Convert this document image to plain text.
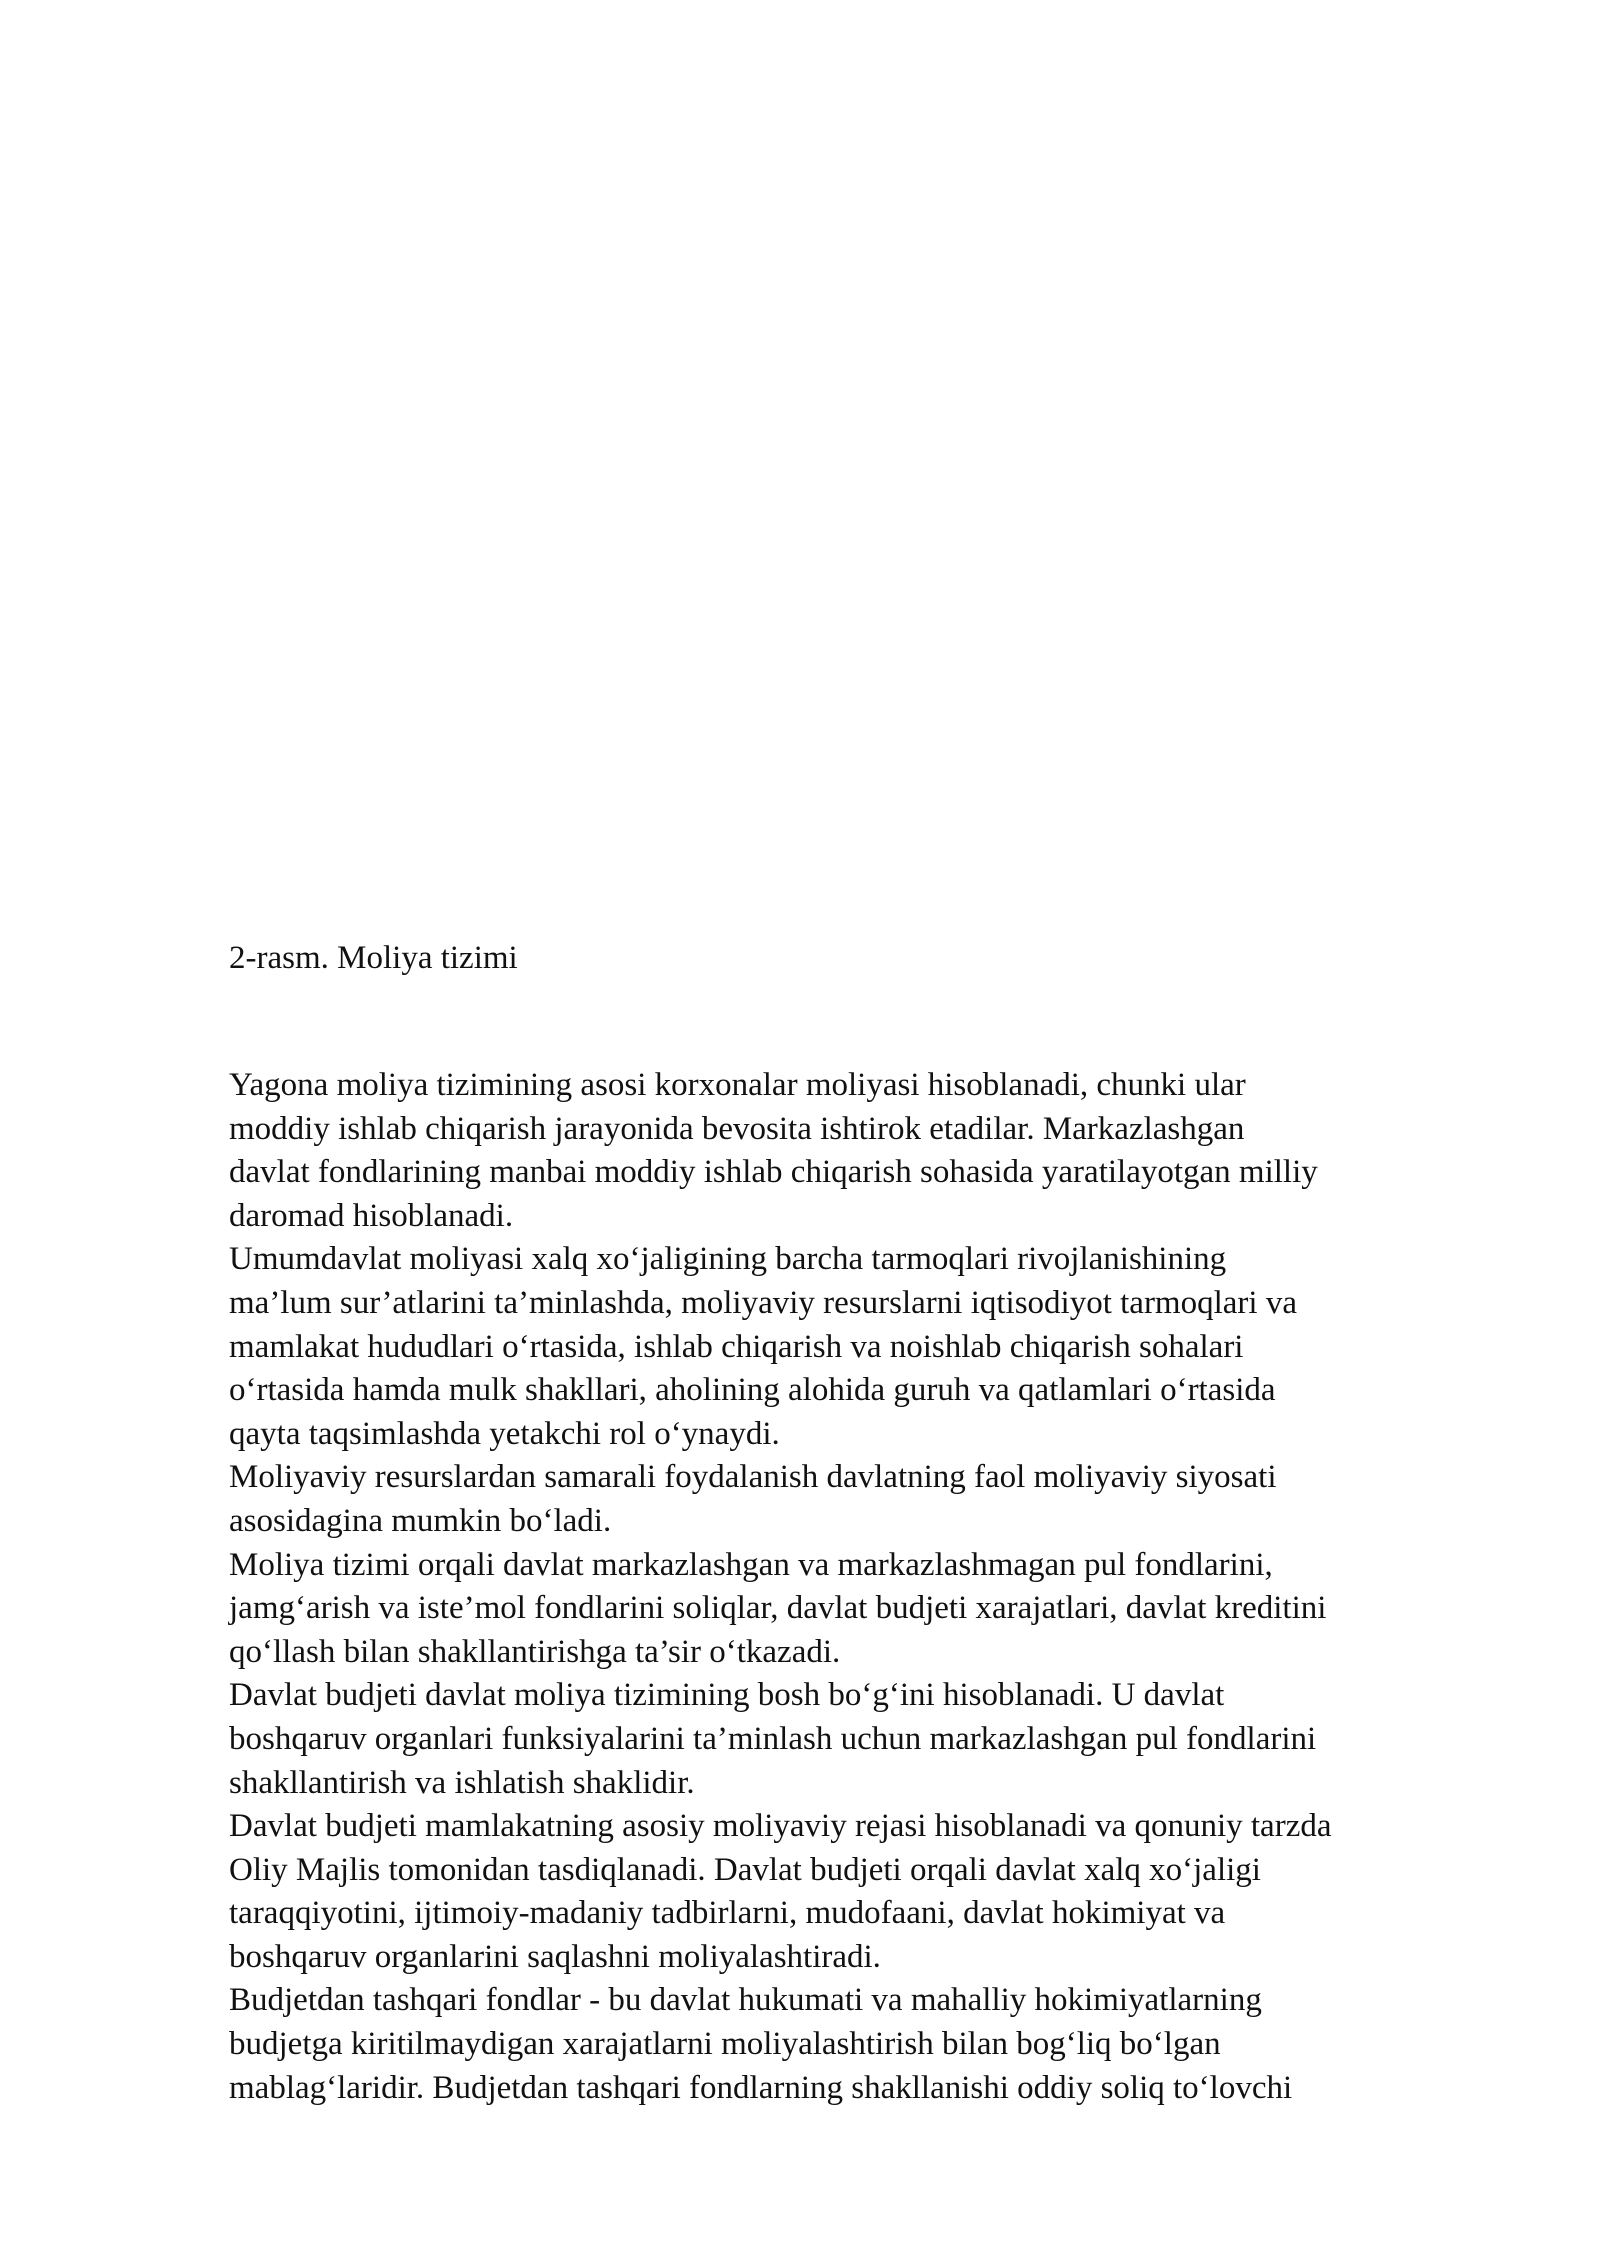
2-rasm. Moliya tizimi

Yagona moliya tizimining asosi korxonalar moliyasi hisoblanadi, chunki ular
moddiy ishlab chiqarish jarayonida bevosita ishtirok etadilar. Markazlashgan
davlat fondlarining manbai moddiy ishlab chiqarish sohasida yaratilayotgan milliy
daromad hisoblanadi.
Umumdavlat moliyasi xalq xo‘jaligining barcha tarmoqlari rivojlanishining
ma’lum sur’atlarini ta’minlashda, moliyaviy resurslarni iqtisodiyot tarmoqlari va
mamlakat hududlari o‘rtasida, ishlab chiqarish va noishlab chiqarish sohalari
o‘rtasida hamda mulk shakllari, aholining alohida guruh va qatlamlari o‘rtasida
qayta taqsimlashda yetakchi rol o‘ynaydi.
Moliyaviy resurslardan samarali foydalanish davlatning faol moliyaviy siyosati
asosidagina mumkin bo‘ladi.
Moliya tizimi orqali davlat markazlashgan va markazlashmagan pul fondlarini,
jamg‘arish va iste’mol fondlarini soliqlar, davlat budjeti xarajatlari, davlat kreditini
qo‘llash bilan shakllantirishga ta’sir o‘tkazadi.
Davlat budjeti davlat moliya tizimining bosh bo‘g‘ini hisoblanadi. U davlat
boshqaruv organlari funksiyalarini ta’minlash uchun markazlashgan pul fondlarini
shakllantirish va ishlatish shaklidir.
Davlat budjeti mamlakatning asosiy moliyaviy rejasi hisoblanadi va qonuniy tarzda
Oliy Majlis tomonidan tasdiqlanadi. Davlat budjeti orqali davlat xalq xo‘jaligi
taraqqiyotini, ijtimoiy-madaniy tadbirlarni, mudofaani, davlat hokimiyat va
boshqaruv organlarini saqlashni moliyalashtiradi.
Budjetdan tashqari fondlar - bu davlat hukumati va mahalliy hokimiyatlarning
budjetga kiritilmaydigan xarajatlarni moliyalashtirish bilan bog‘liq bo‘lgan
mablag‘laridir. Budjetdan tashqari fondlarning shakllanishi oddiy soliq to‘lovchi
